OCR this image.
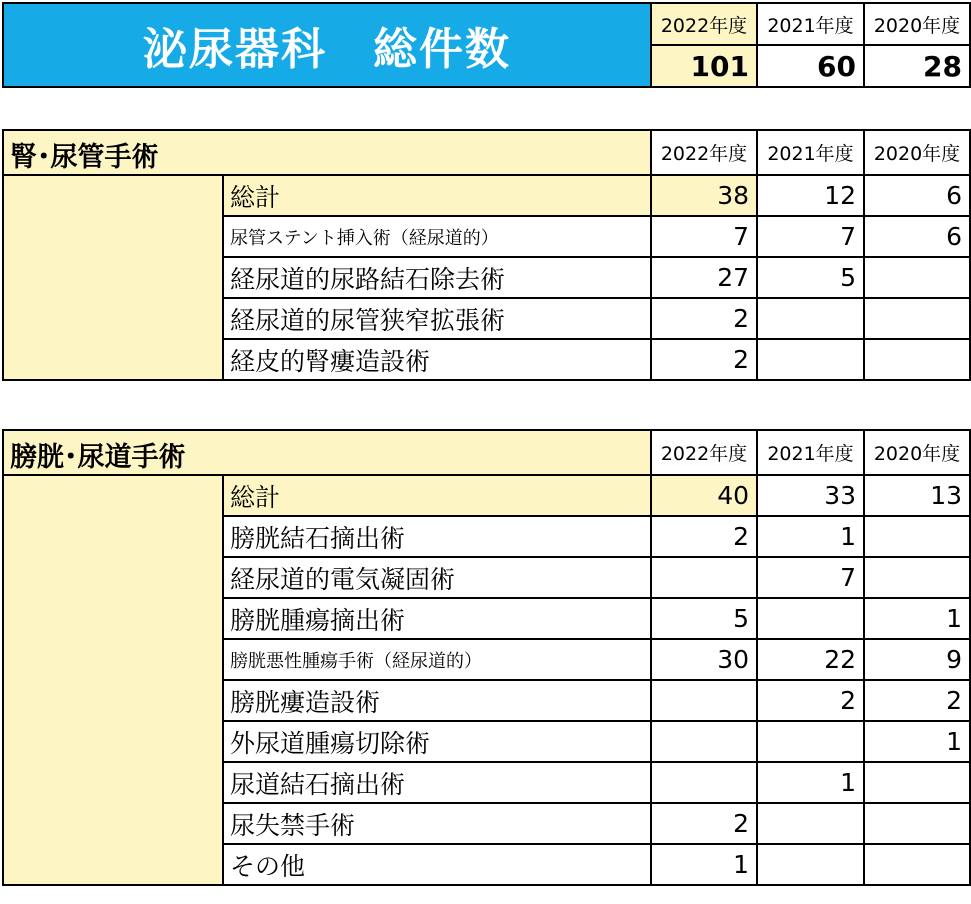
泌尿器科　総件数	2022年度	2021年度	2020年度
	101	60	28
腎･尿管手術		2022年度	2021年度	2020年度
	総計	38	12	6
	尿管ステント挿入術（経尿道的）	7	7	6
	経尿道的尿路結石除去術	27	5	
	経尿道的尿管狭窄拡張術	2		
	経皮的腎瘻造設術	2		
膀胱･尿道手術		2022年度	2021年度	2020年度
	総計	40	33	13
	膀胱結石摘出術	2	1	
	経尿道的電気凝固術		7	
	膀胱腫瘍摘出術	5		1
	膀胱悪性腫瘍手術（経尿道的）	30	22	9
	膀胱瘻造設術		2	2
	外尿道腫瘍切除術			1
	尿道結石摘出術		1	
	尿失禁手術	2		
	その他	1		
